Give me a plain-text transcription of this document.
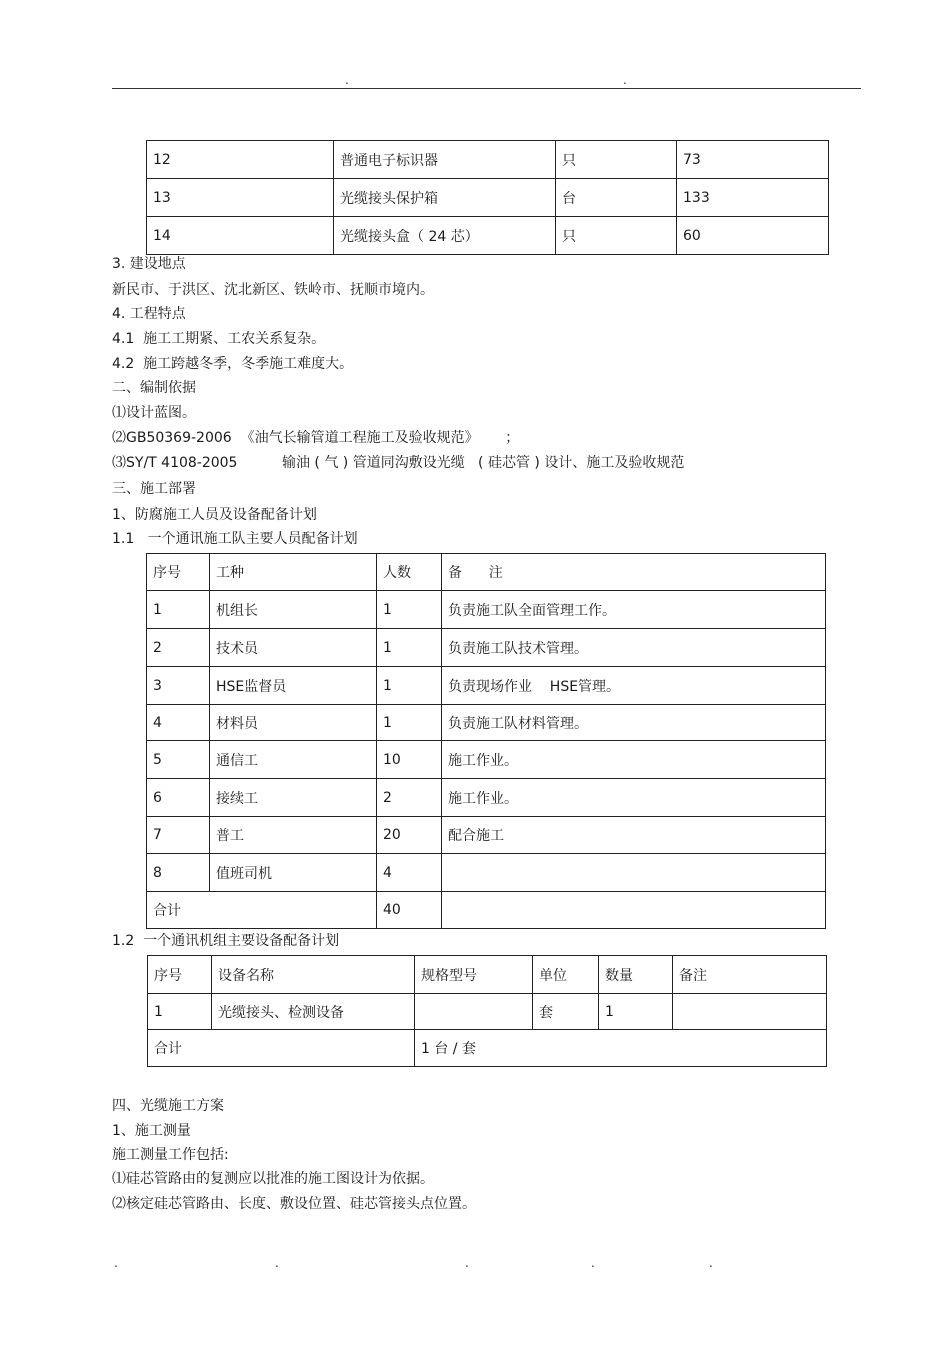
.	.
12	普通电子标识器	只	73
13	光缆接头保护箱	台	133
14	光缆接头盒（ 24 芯）	只	60
3. 建设地点
新民市、于洪区、沈北新区、铁岭市、抚顺市境内。
4. 工程特点
4.1  施工工期紧、工农关系复杂。
4.2  施工跨越冬季，冬季施工难度大。
二、编制依据
⑴设计蓝图。
⑵GB50369-2006  《油气长输管道工程施工及验收规范》      ；
⑶SY/T 4108-2005          输油 ( 气 ) 管道同沟敷设光缆   ( 硅芯管 ) 设计、施工及验收规范
三、施工部署
1、防腐施工人员及设备配备计划
1.1   一个通讯施工队主要人员配备计划
序号	工种	人数	备      注
1	机组长	1	负责施工队全面管理工作。
2	技术员	1	负责施工队技术管理。
3	HSE监督员	1	负责现场作业    HSE管理。
4	材料员	1	负责施工队材料管理。
5	通信工	10	施工作业。
6	接续工	2	施工作业。
7	普工	20	配合施工
8	值班司机	4	
合计		40	
1.2  一个通讯机组主要设备配备计划
序号	设备名称	规格型号	单位	数量	备注
1	光缆接头、检测设备		套	1	
合计		1 台 / 套			
四、光缆施工方案
1、施工测量
施工测量工作包括:
⑴硅芯管路由的复测应以批准的施工图设计为依据。
⑵核定硅芯管路由、长度、敷设位置、硅芯管接头点位置。
.	.	.	.	.
